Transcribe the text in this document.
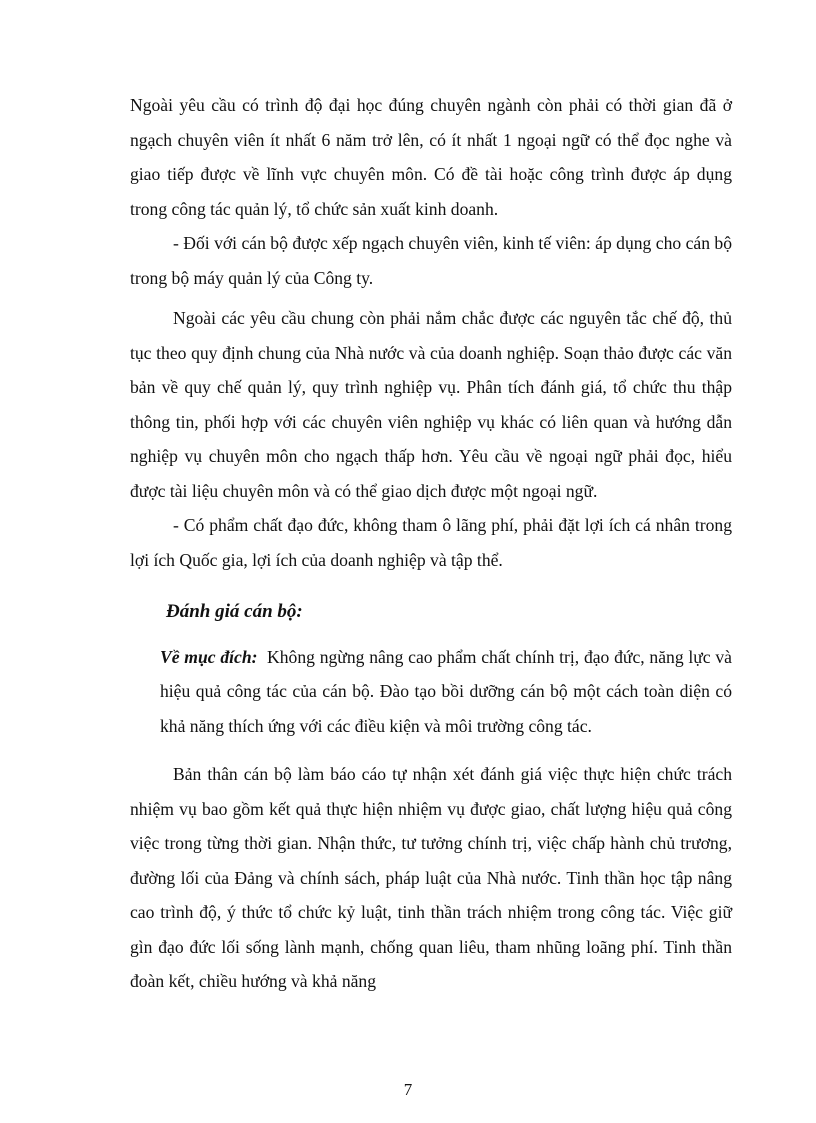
Ngoài yêu cầu có trình độ đại học đúng chuyên ngành còn phải có thời gian đã ở ngạch chuyên viên ít nhất 6 năm trở lên, có ít nhất 1 ngoại ngữ có thể đọc nghe và giao tiếp được về lĩnh vực chuyên môn. Có đề tài hoặc công trình được áp dụng trong công tác quản lý, tổ chức sản xuất kinh doanh.

- Đối với cán bộ được xếp ngạch chuyên viên, kinh tế viên: áp dụng cho cán bộ trong bộ máy quản lý của Công ty.

Ngoài các yêu cầu chung còn phải nắm chắc được các nguyên tắc chế độ, thủ tục theo quy định chung của Nhà nước và của doanh nghiệp. Soạn thảo được các văn bản về quy chế quản lý, quy trình nghiệp vụ. Phân tích đánh giá, tổ chức thu thập thông tin, phối hợp với các chuyên viên nghiệp vụ khác có liên quan và hướng dẫn nghiệp vụ chuyên môn cho ngạch thấp hơn. Yêu cầu về ngoại ngữ phải đọc, hiểu được tài liệu chuyên môn và có thể giao dịch được một ngoại ngữ.

- Có phẩm chất đạo đức, không tham ô lãng phí, phải đặt lợi ích cá nhân trong lợi ích Quốc gia, lợi ích của doanh nghiệp và tập thể.

Đánh giá cán bộ:

Về mục đích: Không ngừng nâng cao phẩm chất chính trị, đạo đức, năng lực và hiệu quả công tác của cán bộ. Đào tạo bồi dưỡng cán bộ một cách toàn diện có khả năng thích ứng với các điều kiện và môi trường công tác.

Bản thân cán bộ làm báo cáo tự nhận xét đánh giá việc thực hiện chức trách nhiệm vụ bao gồm kết quả thực hiện nhiệm vụ được giao, chất lượng hiệu quả công việc trong từng thời gian. Nhận thức, tư tưởng chính trị, việc chấp hành chủ trương, đường lối của Đảng và chính sách, pháp luật của Nhà nước. Tinh thần học tập nâng cao trình độ, ý thức tổ chức kỷ luật, tinh thần trách nhiệm trong công tác. Việc giữ gìn đạo đức lối sống lành mạnh, chống quan liêu, tham nhũng loãng phí. Tinh thần đoàn kết, chiều hướng và khả năng

7
